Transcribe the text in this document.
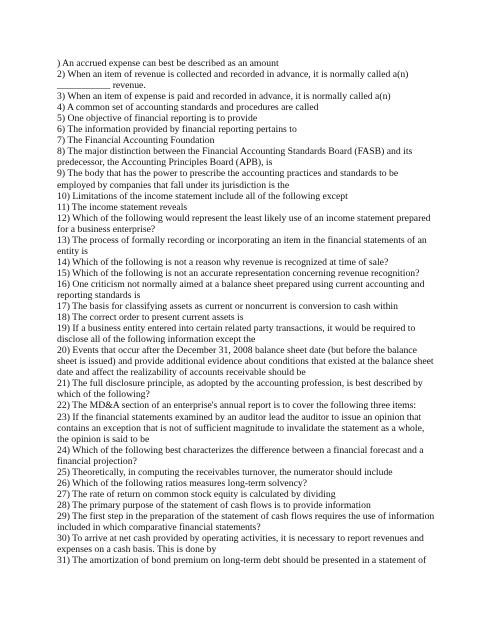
) An accrued expense can best be described as an amount
2) When an item of revenue is collected and recorded in advance, it is normally called a(n)
___________ revenue.
3) When an item of expense is paid and recorded in advance, it is normally called a(n)
4) A common set of accounting standards and procedures are called
5) One objective of financial reporting is to provide
6) The information provided by financial reporting pertains to
7) The Financial Accounting Foundation
8) The major distinction between the Financial Accounting Standards Board (FASB) and its
predecessor, the Accounting Principles Board (APB), is
9) The body that has the power to prescribe the accounting practices and standards to be
employed by companies that fall under its jurisdiction is the
10) Limitations of the income statement include all of the following except
11) The income statement reveals
12) Which of the following would represent the least likely use of an income statement prepared
for a business enterprise?
13) The process of formally recording or incorporating an item in the financial statements of an
entity is
14) Which of the following is not a reason why revenue is recognized at time of sale?
15) Which of the following is not an accurate representation concerning revenue recognition?
16) One criticism not normally aimed at a balance sheet prepared using current accounting and
reporting standards is
17) The basis for classifying assets as current or noncurrent is conversion to cash within
18) The correct order to present current assets is
19) If a business entity entered into certain related party transactions, it would be required to
disclose all of the following information except the
20) Events that occur after the December 31, 2008 balance sheet date (but before the balance
sheet is issued) and provide additional evidence about conditions that existed at the balance sheet
date and affect the realizability of accounts receivable should be
21) The full disclosure principle, as adopted by the accounting profession, is best described by
which of the following?
22) The MD&A section of an enterprise's annual report is to cover the following three items:
23) If the financial statements examined by an auditor lead the auditor to issue an opinion that
contains an exception that is not of sufficient magnitude to invalidate the statement as a whole,
the opinion is said to be
24) Which of the following best characterizes the difference between a financial forecast and a
financial projection?
25) Theoretically, in computing the receivables turnover, the numerator should include
26) Which of the following ratios measures long-term solvency?
27) The rate of return on common stock equity is calculated by dividing
28) The primary purpose of the statement of cash flows is to provide information
29) The first step in the preparation of the statement of cash flows requires the use of information
included in which comparative financial statements?
30) To arrive at net cash provided by operating activities, it is necessary to report revenues and
expenses on a cash basis. This is done by
31) The amortization of bond premium on long-term debt should be presented in a statement of
